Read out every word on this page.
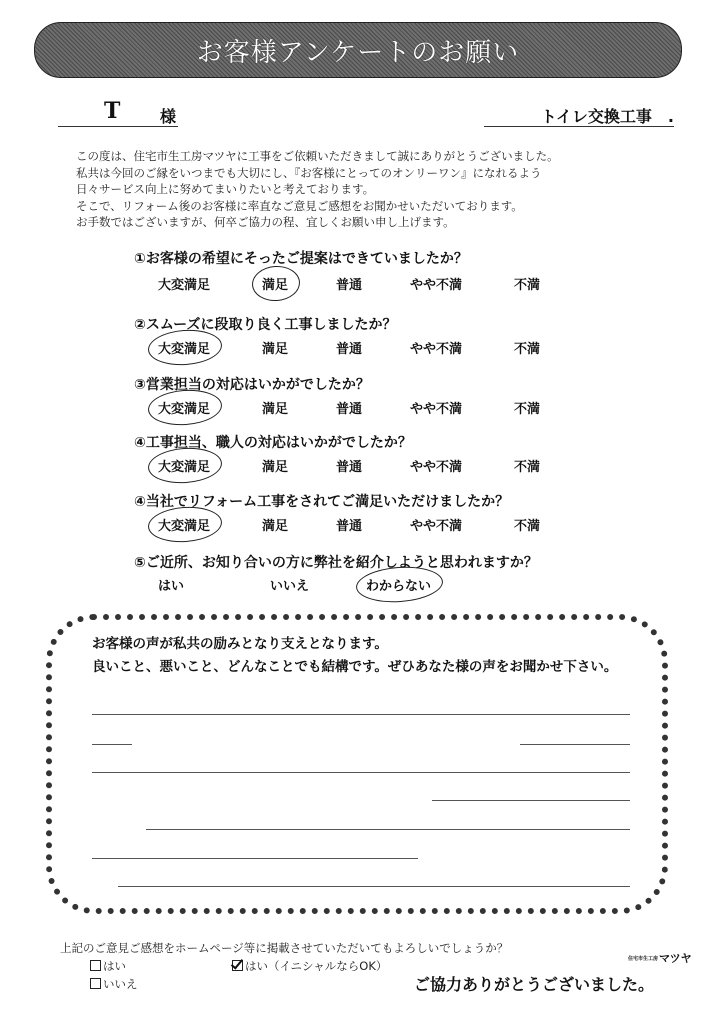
お客様アンケートのお願い
T 様	トイレ交換工事　.

この度は、住宅市生工房マツヤに工事をご依頼いただきまして誠にありがとうございました。

私共は今回のご縁をいつまでも大切にし、『お客様にとってのオンリーワン』になれるよう

日々サービス向上に努めてまいりたいと考えております。

そこで、リフォーム後のお客様に率直なご意見ご感想をお聞かせいただいております。

お手数ではございますが、何卒ご協力の程、宜しくお願い申し上げます。

①お客様の希望にそったご提案はできていましたか？
大変満足	満足	普通	やや不満	不満
②スムーズに段取り良く工事しましたか？
大変満足	満足	普通	やや不満	不満
③営業担当の対応はいかがでしたか？
大変満足	満足	普通	やや不満	不満
④工事担当、職人の対応はいかがでしたか？
大変満足	満足	普通	やや不満	不満
④当社でリフォーム工事をされてご満足いただけましたか？
大変満足	満足	普通	やや不満	不満
⑤ご近所、お知り合いの方に弊社を紹介しようと思われますか？
はい	いいえ	わからない
お客様の声が私共の励みとなり支えとなります。
良いこと、悪いこと、どんなことでも結構です。ぜひあなた様の声をお聞かせ下さい。
上記のご意見ご感想をホームページ等に掲載させていただいてもよろしいでしょうか？
はい	はい（イニシャルならOK）
いいえ
住宅市生工房マツヤ
ご協力ありがとうございました。
